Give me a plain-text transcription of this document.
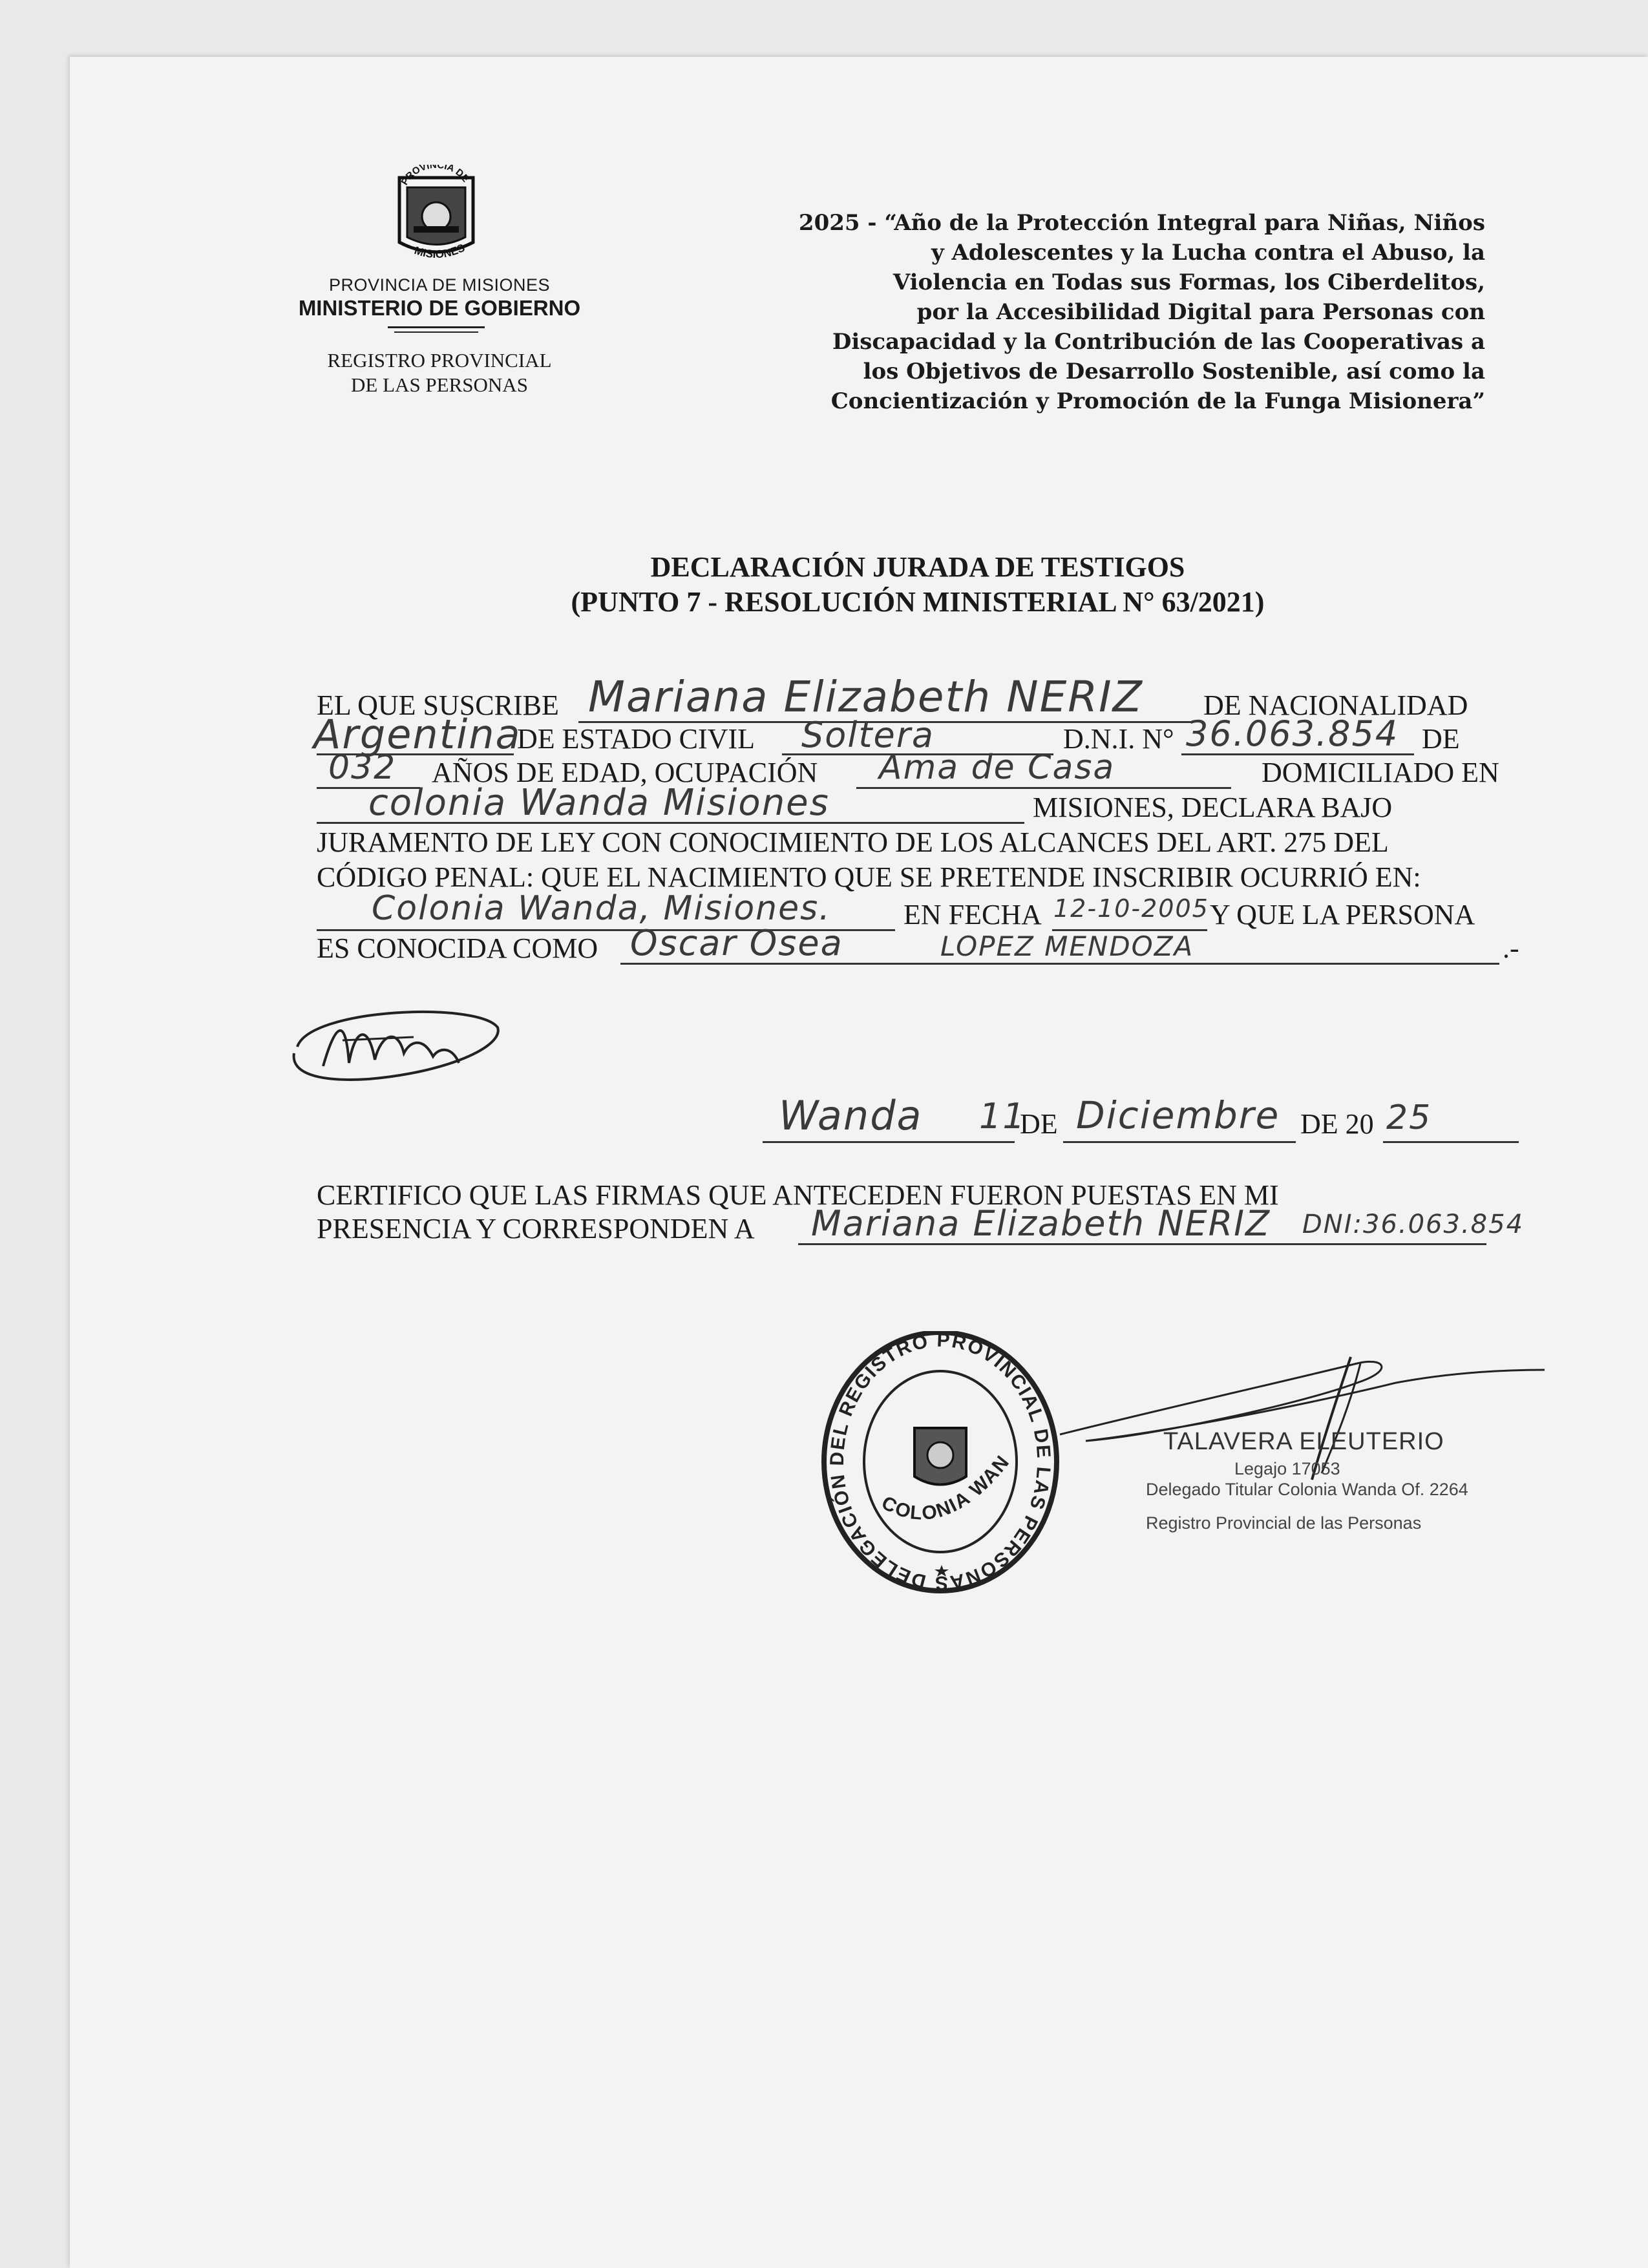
PROVINCIA DE
MISIONES
PROVINCIA DE MISIONES
MINISTERIO DE GOBIERNO
REGISTRO PROVINCIAL
DE LAS PERSONAS
2025 - “Año de la Protección Integral para Niñas, Niños
y Adolescentes y la Lucha contra el Abuso, la
Violencia en Todas sus Formas, los Ciberdelitos,
por la Accesibilidad Digital para Personas con
Discapacidad y la Contribución de las Cooperativas a
los Objetivos de Desarrollo Sostenible, así como la
Concientización y Promoción de la Funga Misionera”
DECLARACIÓN JURADA DE TESTIGOS
(PUNTO 7 - RESOLUCIÓN MINISTERIAL N° 63/2021)
EL QUE SUSCRIBE Mariana Elizabeth NERIZ DE NACIONALIDAD
Argentina
DE ESTADO CIVIL Soltera	D.N.I. N° 36.063.854 DE
032 AÑOS DE EDAD, OCUPACIÓN Ama de Casa	DOMICILIADO EN
colonia Wanda Misiones	MISIONES, DECLARA BAJO
JURAMENTO DE LEY CON CONOCIMIENTO DE LOS ALCANCES DEL ART. 275 DEL
CÓDIGO PENAL: QUE EL NACIMIENTO QUE SE PRETENDE INSCRIBIR OCURRIÓ EN:
Colonia Wanda, Misiones.	EN FECHA 12-10-2005 Y QUE LA PERSONA
ES CONOCIDA COMO Oscar Osea	LOPEZ MENDOZA	.-
Wanda 11
DE Diciembre DE 20 25
CERTIFICO QUE LAS FIRMAS QUE ANTECEDEN FUERON PUESTAS EN MI
PRESENCIA Y CORRESPONDEN A Mariana Elizabeth NERIZ DNI:36.063.854
DELEGACIÓN DEL REGISTRO PROVINCIAL DE LAS PERSONAS
COLONIA WAN
TALAVERA ELEUTERIO
Legajo 17053
Delegado Titular Colonia Wanda Of. 2264
Registro Provincial de las Personas
